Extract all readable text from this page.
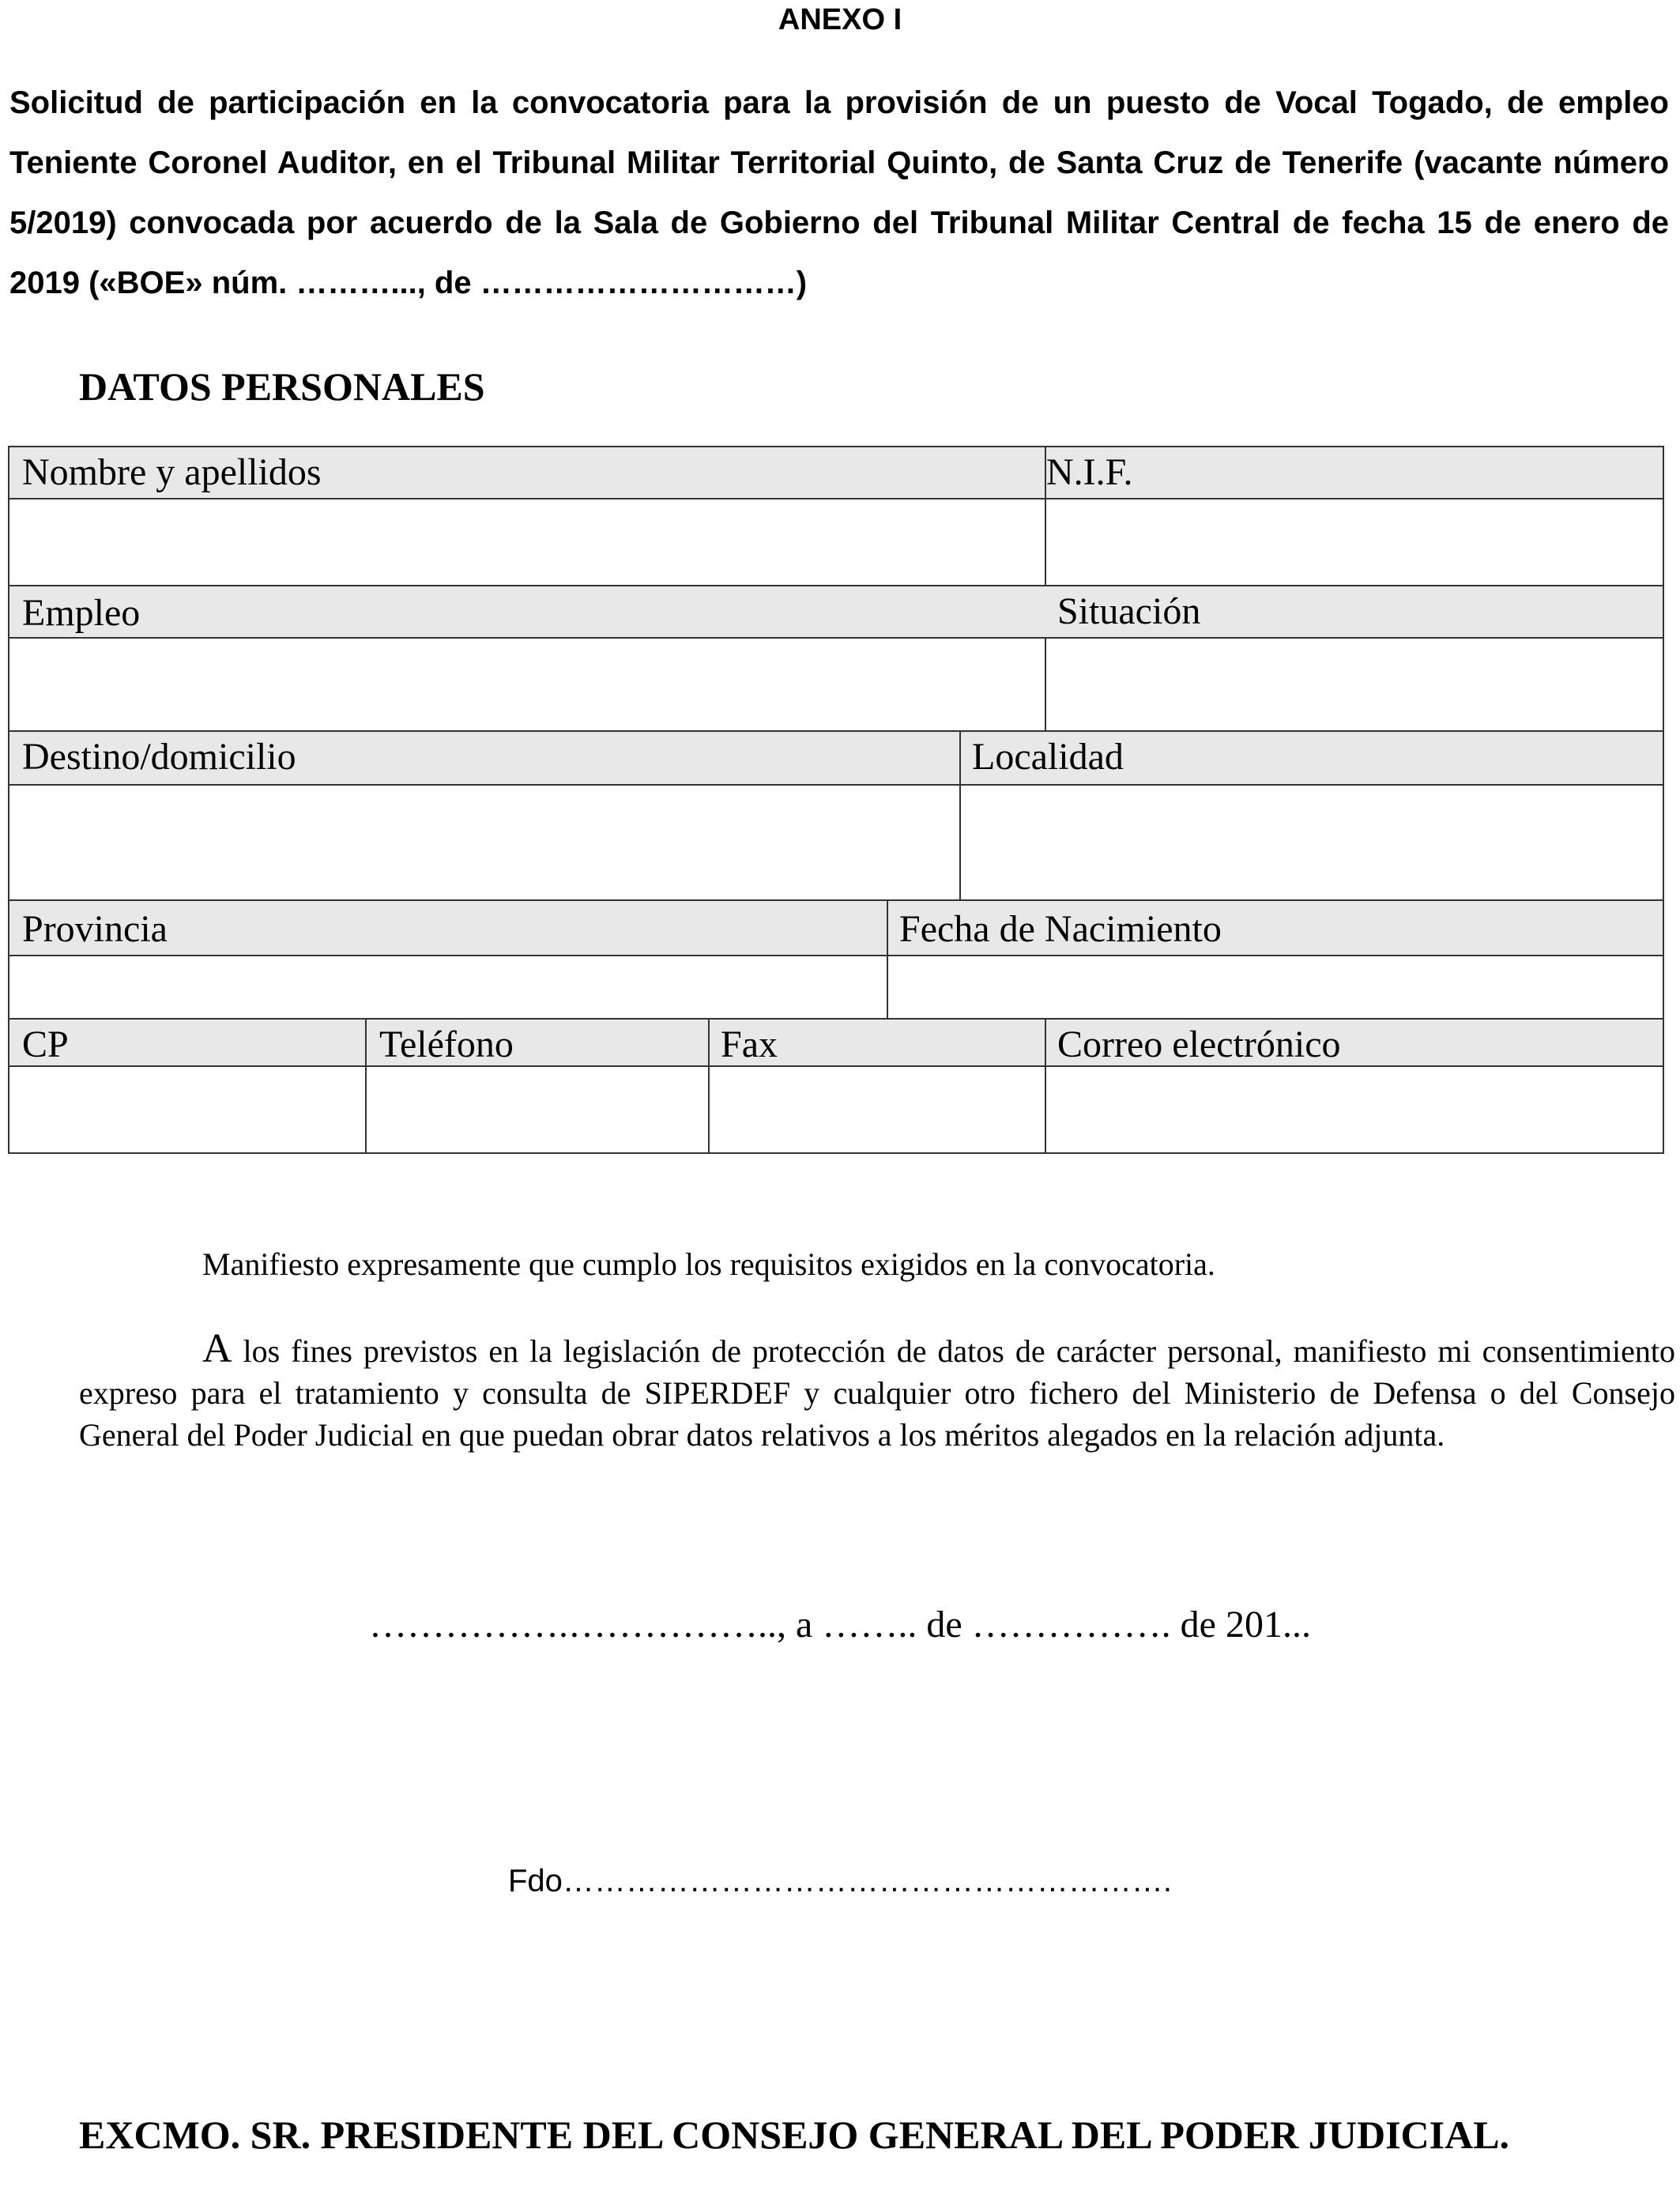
ANEXO I
Solicitud de participación en la convocatoria para la provisión de un puesto de Vocal Togado, de empleo Teniente Coronel Auditor, en el Tribunal Militar Territorial Quinto, de Santa Cruz de Tenerife (vacante número 5/2019) convocada por acuerdo de la Sala de Gobierno del Tribunal Militar Central de fecha 15 de enero de 2019 («BOE» núm. ………..., de …………………………)
DATOS PERSONALES
Nombre y apellidos	N.I.F.
Empleo	Situación
Destino/domicilio	Localidad
Provincia	Fecha de Nacimiento
CP	Teléfono	Fax	Correo electrónico
Manifiesto expresamente que cumplo los requisitos exigidos en la convocatoria.
A los fines previstos en la legislación de protección de datos de carácter personal, manifiesto mi consentimiento expreso para el tratamiento y consulta de SIPERDEF y cualquier otro fichero del Ministerio de Defensa o del Consejo General del Poder Judicial en que puedan obrar datos relativos a los méritos alegados en la relación adjunta.
…………….…………….., a …….. de ……………. de 201...
Fdo………………………………………………….
EXCMO. SR. PRESIDENTE DEL CONSEJO GENERAL DEL PODER JUDICIAL.
